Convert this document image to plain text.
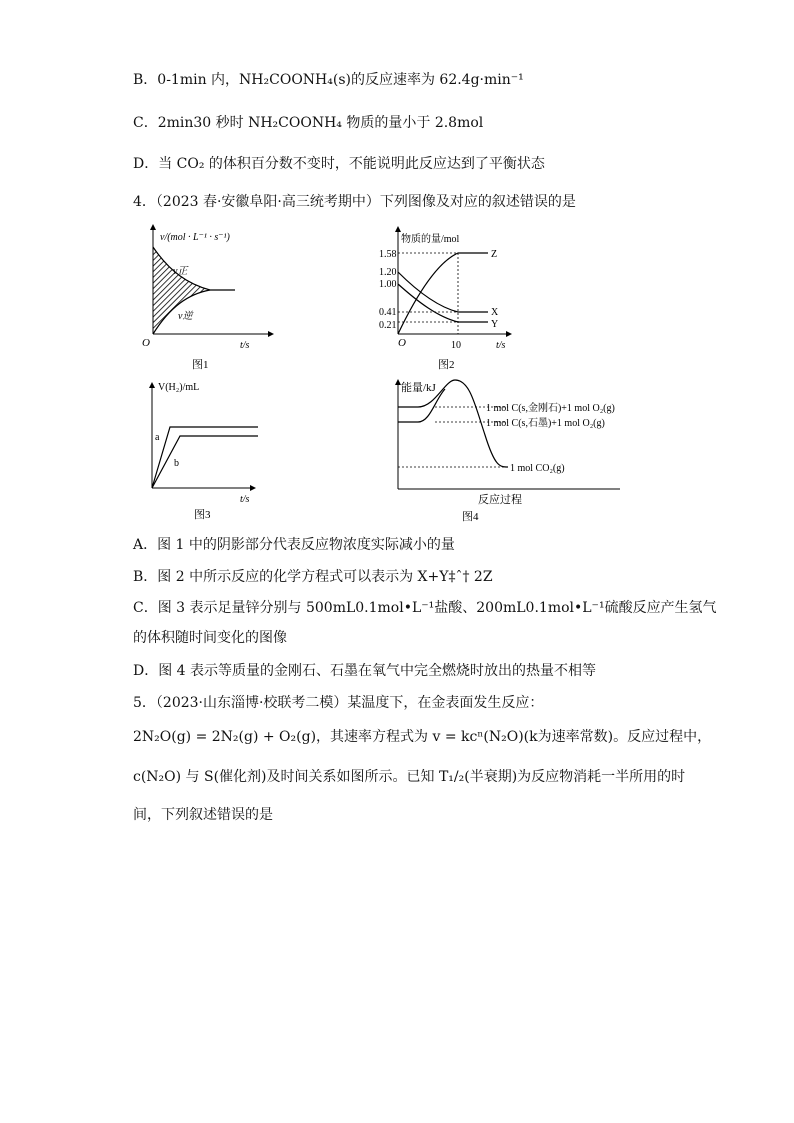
B．0-1min 内，NH₂COONH₄(s)的反应速率为 62.4g·min⁻¹
C．2min30 秒时 NH₂COONH₄ 物质的量小于 2.8mol
D．当 CO₂ 的体积百分数不变时，不能说明此反应达到了平衡状态
4．（2023 春·安徽阜阳·高三统考期中）下列图像及对应的叙述错误的是
v/(mol · L⁻¹ · s⁻¹)
v正
v逆
t/s
O
图1
物质的量/mol
1.58
1.20
1.00
0.41
0.21
Z
X
Y
10	t/s
O
图2
V(H₂)/mL
a
b
t/s
图3
能量/kJ
1 mol C(s,金刚石)+1 mol O₂(g)
1 mol C(s,石墨)+1 mol O₂(g)
1 mol CO₂(g)
反应过程
图4
A．图 1 中的阴影部分代表反应物浓度实际减小的量
B．图 2 中所示反应的化学方程式可以表示为 X+Y‡ˆ† 2Z
C．图 3 表示足量锌分别与 500mL0.1mol•L⁻¹盐酸、200mL0.1mol•L⁻¹硫酸反应产生氢气
的体积随时间变化的图像
D．图 4 表示等质量的金刚石、石墨在氧气中完全燃烧时放出的热量不相等
5．（2023·山东淄博·校联考二模）某温度下，在金表面发生反应：
2N₂O(g) = 2N₂(g) + O₂(g)，其速率方程式为 v = kcⁿ(N₂O)(k为速率常数)。反应过程中，
c(N₂O) 与 S(催化剂)及时间关系如图所示。已知 T₁/₂(半衰期)为反应物消耗一半所用的时
间，下列叙述错误的是
